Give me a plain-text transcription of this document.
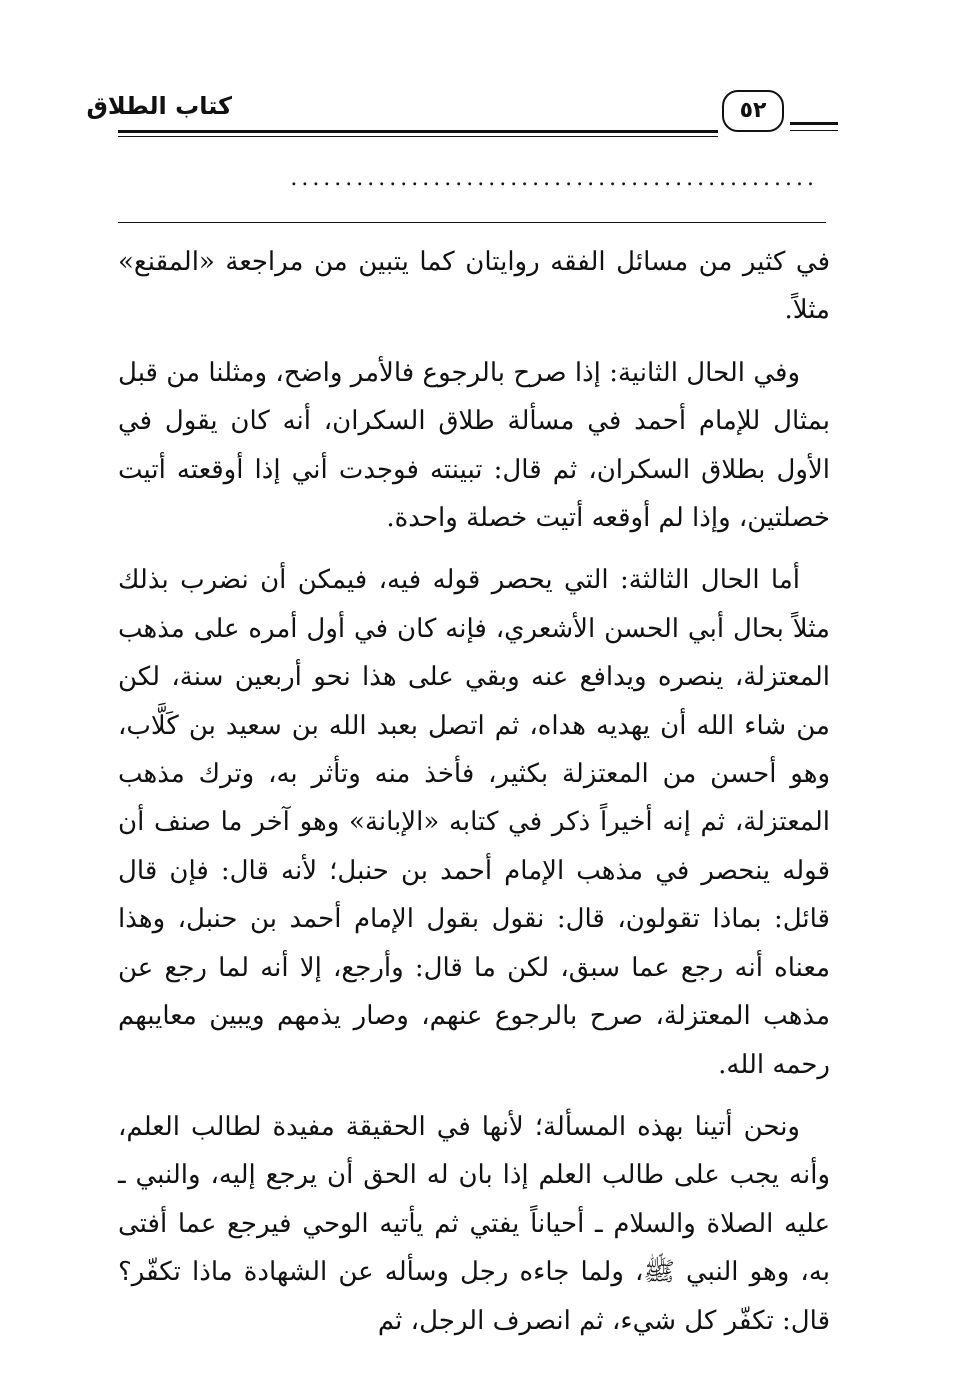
كتاب الطلاق	٥٢
................................................

في كثير من مسائل الفقه روايتان كما يتبين من مراجعة «المقنع» مثلاً.

وفي الحال الثانية: إذا صرح بالرجوع فالأمر واضح، ومثلنا من قبل بمثال للإمام أحمد في مسألة طلاق السكران، أنه كان يقول في الأول بطلاق السكران، ثم قال: تبينته فوجدت أني إذا أوقعته أتيت خصلتين، وإذا لم أوقعه أتيت خصلة واحدة.

أما الحال الثالثة: التي يحصر قوله فيه، فيمكن أن نضرب بذلك مثلاً بحال أبي الحسن الأشعري، فإنه كان في أول أمره على مذهب المعتزلة، ينصره ويدافع عنه وبقي على هذا نحو أربعين سنة، لكن من شاء الله أن يهديه هداه، ثم اتصل بعبد الله بن سعيد بن كَلَّاب، وهو أحسن من المعتزلة بكثير، فأخذ منه وتأثر به، وترك مذهب المعتزلة، ثم إنه أخيراً ذكر في كتابه «الإبانة» وهو آخر ما صنف أن قوله ينحصر في مذهب الإمام أحمد بن حنبل؛ لأنه قال: فإن قال قائل: بماذا تقولون، قال: نقول بقول الإمام أحمد بن حنبل، وهذا معناه أنه رجع عما سبق، لكن ما قال: وأرجع، إلا أنه لما رجع عن مذهب المعتزلة، صرح بالرجوع عنهم، وصار يذمهم ويبين معايبهم رحمه الله.

ونحن أتينا بهذه المسألة؛ لأنها في الحقيقة مفيدة لطالب العلم، وأنه يجب على طالب العلم إذا بان له الحق أن يرجع إليه، والنبي ـ عليه الصلاة والسلام ـ أحياناً يفتي ثم يأتيه الوحي فيرجع عما أفتى به، وهو النبي ﷺ، ولما جاءه رجل وسأله عن الشهادة ماذا تكفّر؟ قال: تكفّر كل شيء، ثم انصرف الرجل، ثم
